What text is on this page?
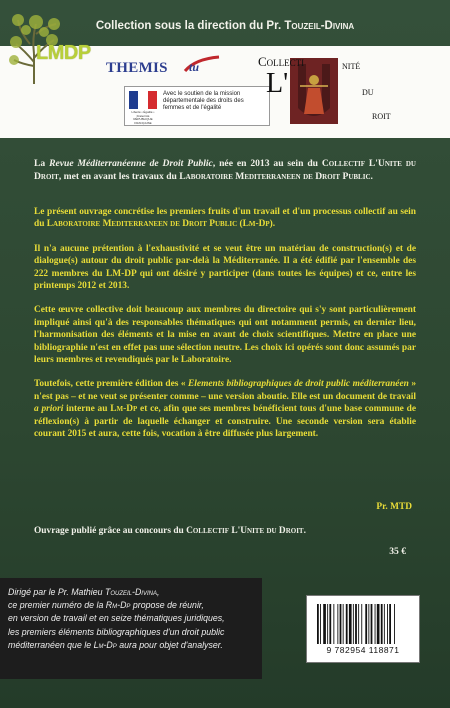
Collection sous la direction du Pr. Touzeil-Divina
LMDP
THEMIS tu
Liberté • Égalité • Fraternité
RÉPUBLIQUE FRANÇAISE
Avec le soutien de la mission départementale des droits des femmes et de l'égalité
Collecti
L'
nité
du
roit
La Revue Méditerranéenne de Droit Public, née en 2013 au sein du Collectif L'Unite du Droit, met en avant les travaux du Laboratoire Mediterraneen de Droit Public.

Le présent ouvrage concrétise les premiers fruits d'un travail et d'un processus collectif au sein du Laboratoire Mediterraneen de Droit Public (Lm-Dp).

Il n'a aucune prétention à l'exhaustivité et se veut être un matériau de construction(s) et de dialogue(s) autour du droit public par-delà la Méditerranée. Il a été édifié par l'ensemble des 222 membres du LM-DP qui ont désiré y participer (dans toutes les équipes) et ce, entre les printemps 2012 et 2013.

Cette œuvre collective doit beaucoup aux membres du directoire qui s'y sont particulièrement impliqué ainsi qu'à des responsables thématiques qui ont notamment permis, en dernier lieu, l'harmonisation des éléments et la mise en avant de choix scientifiques. Mettre en place une bibliographie n'est en effet pas une sélection neutre. Les choix ici opérés sont donc assumés par leurs membres et revendiqués par le Laboratoire.

Toutefois, cette première édition des « Elements bibliographiques de droit public méditerranéen » n'est pas – et ne veut se présenter comme – une version aboutie. Elle est un document de travail a priori interne au Lm-Dp et ce, afin que ses membres bénéficient tous d'une base commune de réflexion(s) à partir de laquelle échanger et construire. Une seconde version sera établie courant 2015 et aura, cette fois, vocation à être diffusée plus largement.

Pr. MTD
Ouvrage publié grâce au concours du Collectif L'Unite du Droit.
35 €
Dirigé par le Pr. Mathieu Touzeil-Divina,
ce premier numéro de la Rm-Dp propose de réunir,
en version de travail et en seize thématiques juridiques,
les premiers éléments bibliographiques d'un droit public
méditerranéen que le Lm-Dp aura pour objet d'analyser.
9 782954 118871
